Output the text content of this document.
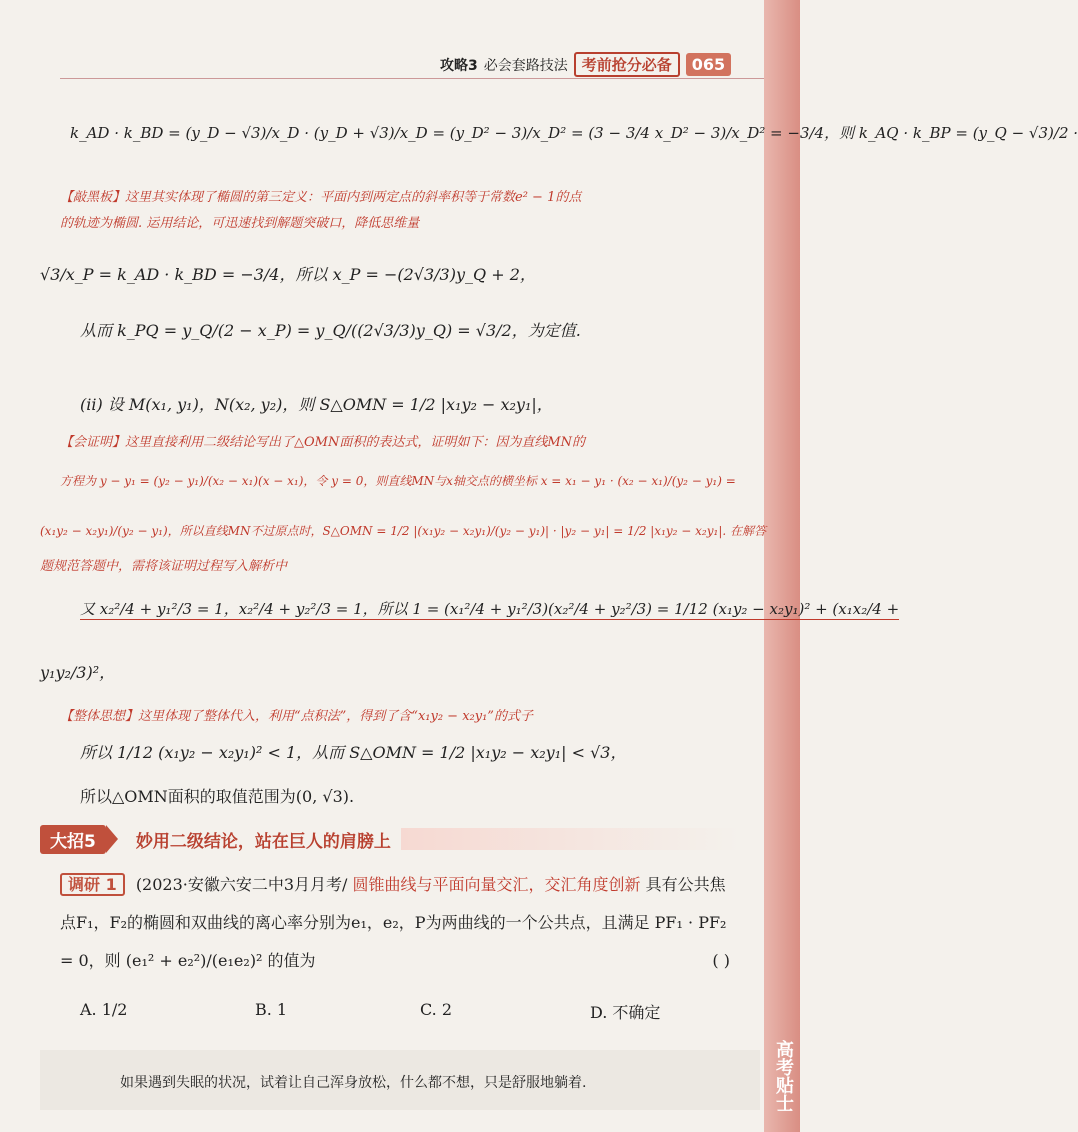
攻略3 必会套路技法 考前抢分必备	065
k_AD · k_BD = (y_D − √3)/x_D · (y_D + √3)/x_D = (y_D² − 3)/x_D² = (3 − 3/4 x_D² − 3)/x_D² = −3/4，则 k_AQ · k_BP = (y_Q − √3)/2 ·
【敲黑板】这里其实体现了椭圆的第三定义：平面内到两定点的斜率积等于常数e² − 1的点
的轨迹为椭圆. 运用结论，可迅速找到解题突破口，降低思维量
√3/x_P = k_AD · k_BD = −3/4，所以 x_P = −(2√3/3)y_Q + 2，
从而 k_PQ = y_Q/(2 − x_P) = y_Q/((2√3/3)y_Q) = √3/2，为定值.
(ii) 设 M(x₁, y₁)，N(x₂, y₂)，则 S△OMN = 1/2 |x₁y₂ − x₂y₁|，
【会证明】这里直接利用二级结论写出了△OMN面积的表达式，证明如下：因为直线MN的
方程为 y − y₁ = (y₂ − y₁)/(x₂ − x₁)(x − x₁)，令 y = 0，则直线MN与x轴交点的横坐标 x = x₁ − y₁ · (x₂ − x₁)/(y₂ − y₁) =
(x₁y₂ − x₂y₁)/(y₂ − y₁)，所以直线MN不过原点时，S△OMN = 1/2 |(x₁y₂ − x₂y₁)/(y₂ − y₁)| · |y₂ − y₁| = 1/2 |x₁y₂ − x₂y₁|. 在解答
题规范答题中，需将该证明过程写入解析中
又 x₂²/4 + y₁²/3 = 1，x₂²/4 + y₂²/3 = 1，所以 1 = (x₁²/4 + y₁²/3)(x₂²/4 + y₂²/3) = 1/12 (x₁y₂ − x₂y₁)² + (x₁x₂/4 +
y₁y₂/3)²，
【整体思想】这里体现了整体代入，利用“点积法”，得到了含“x₁y₂ − x₂y₁”的式子
所以 1/12 (x₁y₂ − x₂y₁)² < 1，从而 S△OMN = 1/2 |x₁y₂ − x₂y₁| < √3，
所以△OMN面积的取值范围为(0, √3).
大招5	妙用二级结论，站在巨人的肩膀上
调研 1 (2023·安徽六安二中3月月考/ 圆锥曲线与平面向量交汇，交汇角度创新 具有公共焦点F₁，F₂的椭圆和双曲线的离心率分别为e₁，e₂，P为两曲线的一个公共点，且满足 PF₁ · PF₂ = 0，则 (e₁² + e₂²)/(e₁e₂)² 的值为	( )
A. 1/2	B. 1	C. 2	D. 不确定
如果遇到失眠的状况，试着让自己浑身放松，什么都不想，只是舒服地躺着.	高考贴士
